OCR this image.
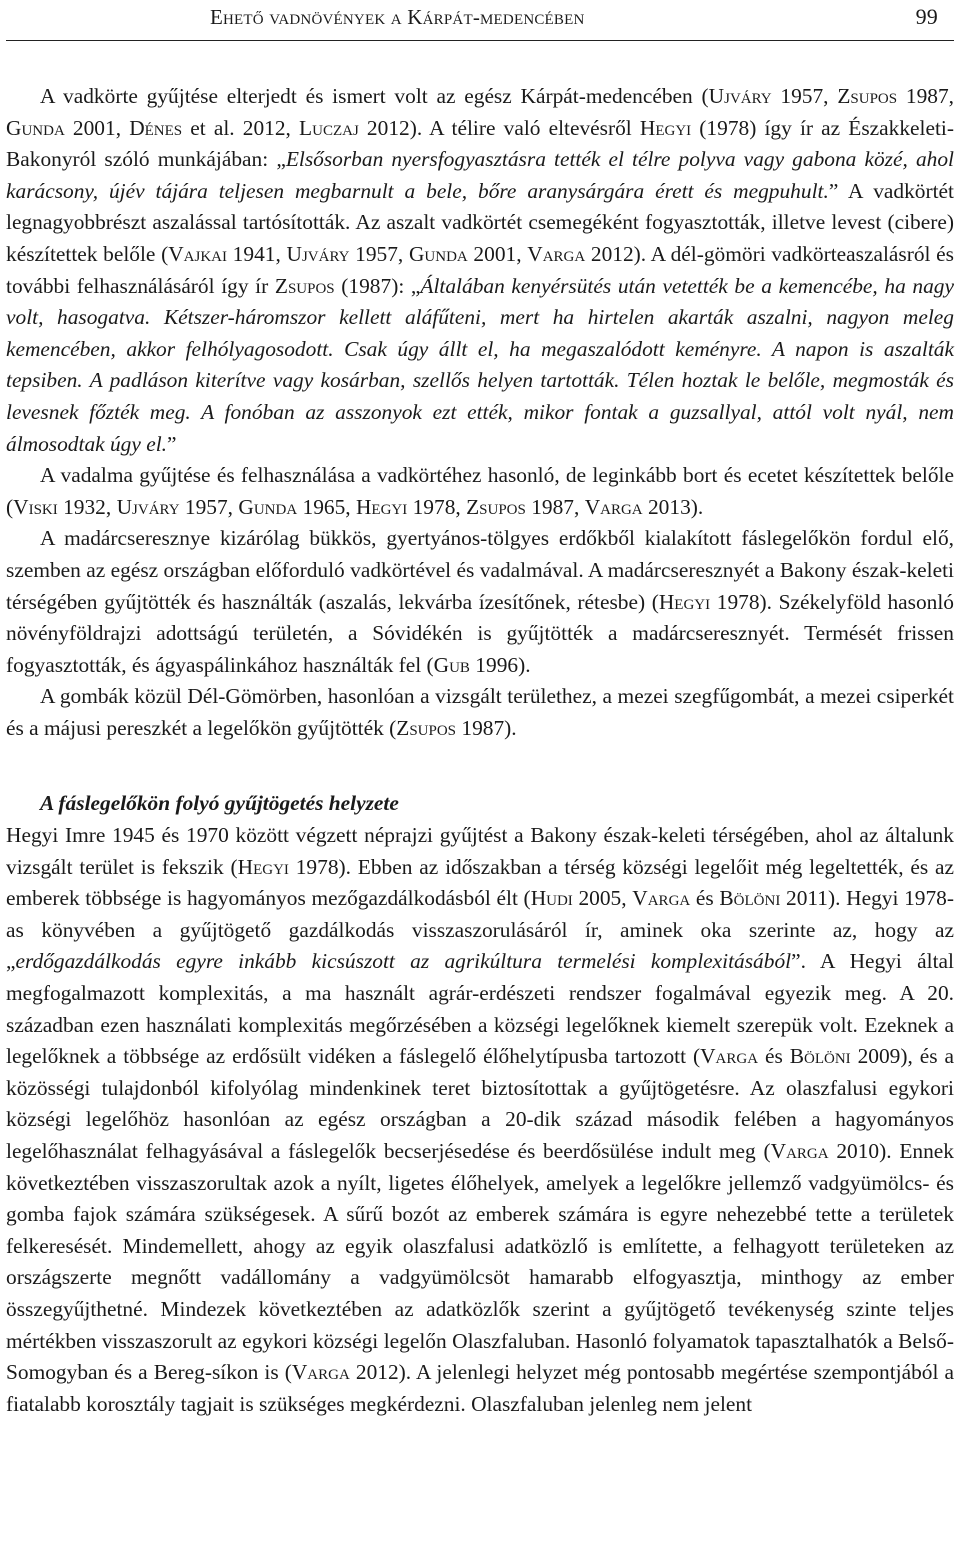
Ehető vadnövények a Kárpát-medencében	99

A vadkörte gyűjtése elterjedt és ismert volt az egész Kárpát-medencében (Ujváry 1957, Zsupos 1987, Gunda 2001, Dénes et al. 2012, Luczaj 2012). A télire való eltevésről Hegyi (1978) így ír az Északkeleti-Bakonyról szóló munkájában: „Elsősorban nyersfogyasztásra tették el télre polyva vagy gabona közé, ahol karácsony, újév tájára teljesen megbarnult a bele, bőre aranysárgára érett és megpuhult.” A vadkörtét legnagyobbrészt aszalással tartósították. Az aszalt vadkörtét csemegéként fogyasztották, illetve levest (cibere) készítettek belőle (Vajkai 1941, Ujváry 1957, Gunda 2001, Varga 2012). A dél-gömöri vadkörteaszalásról és további felhasználásáról így ír Zsupos (1987): „Általában kenyérsütés után vetették be a kemencébe, ha nagy volt, hasogatva. Kétszer-háromszor kellett aláfűteni, mert ha hirtelen akarták aszalni, nagyon meleg kemencében, akkor felhólyagosodott. Csak úgy állt el, ha megaszalódott keményre. A napon is aszalták tepsiben. A padláson kiterítve vagy kosárban, szellős helyen tartották. Télen hoztak le belőle, megmosták és levesnek főzték meg. A fonóban az asszonyok ezt ették, mikor fontak a guzsallyal, attól volt nyál, nem álmosodtak úgy el.”

A vadalma gyűjtése és felhasználása a vadkörtéhez hasonló, de leginkább bort és ecetet készítettek belőle (Viski 1932, Ujváry 1957, Gunda 1965, Hegyi 1978, Zsupos 1987, Varga 2013).

A madárcseresznye kizárólag bükkös, gyertyános-tölgyes erdőkből kialakított fáslegelőkön fordul elő, szemben az egész országban előforduló vadkörtével és vadalmával. A madárcseresznyét a Bakony észak-keleti térségében gyűjtötték és használták (aszalás, lekvárba ízesítőnek, rétesbe) (Hegyi 1978). Székelyföld hasonló növényföldrajzi adottságú területén, a Sóvidékén is gyűjtötték a madárcseresznyét. Termését frissen fogyasztották, és ágyaspálinkához használták fel (Gub 1996).

A gombák közül Dél-Gömörben, hasonlóan a vizsgált területhez, a mezei szegfűgombát, a mezei csiperkét és a májusi pereszkét a legelőkön gyűjtötték (Zsupos 1987).

A fáslegelőkön folyó gyűjtögetés helyzete

Hegyi Imre 1945 és 1970 között végzett néprajzi gyűjtést a Bakony észak-keleti térségében, ahol az általunk vizsgált terület is fekszik (Hegyi 1978). Ebben az időszakban a térség községi legelőit még legeltették, és az emberek többsége is hagyományos mezőgazdálkodásból élt (Hudi 2005, Varga és Bölöni 2011). Hegyi 1978-as könyvében a gyűjtögető gazdálkodás visszaszorulásáról ír, aminek oka szerinte az, hogy az „erdőgazdálkodás egyre inkább kicsúszott az agrikúltura termelési komplexitásából”. A Hegyi által megfogalmazott komplexitás, a ma használt agrár-erdészeti rendszer fogalmával egyezik meg. A 20. században ezen használati komplexitás megőrzésében a községi legelőknek kiemelt szerepük volt. Ezeknek a legelőknek a többsége az erdősült vidéken a fáslegelő élőhelytípusba tartozott (Varga és Bölöni 2009), és a közösségi tulajdonból kifolyólag mindenkinek teret biztosítottak a gyűjtögetésre. Az olaszfalusi egykori községi legelőhöz hasonlóan az egész országban a 20-dik század második felében a hagyományos legelőhasználat felhagyásával a fáslegelők becserjésedése és beerdősülése indult meg (Varga 2010). Ennek következtében visszaszorultak azok a nyílt, ligetes élőhelyek, amelyek a legelőkre jellemző vadgyümölcs- és gomba fajok számára szükségesek. A sűrű bozót az emberek számára is egyre nehezebbé tette a területek felkeresését. Mindemellett, ahogy az egyik olaszfalusi adatközlő is említette, a felhagyott területeken az országszerte megnőtt vadállomány a vadgyümölcsöt hamarabb elfogyasztja, minthogy az ember összegyűjthetné. Mindezek következtében az adatközlők szerint a gyűjtögető tevékenység szinte teljes mértékben visszaszorult az egykori községi legelőn Olaszfaluban. Hasonló folyamatok tapasztalhatók a Belső-Somogyban és a Bereg-síkon is (Varga 2012). A jelenlegi helyzet még pontosabb megértése szempontjából a fiatalabb korosztály tagjait is szükséges megkérdezni. Olaszfaluban jelenleg nem jelent
